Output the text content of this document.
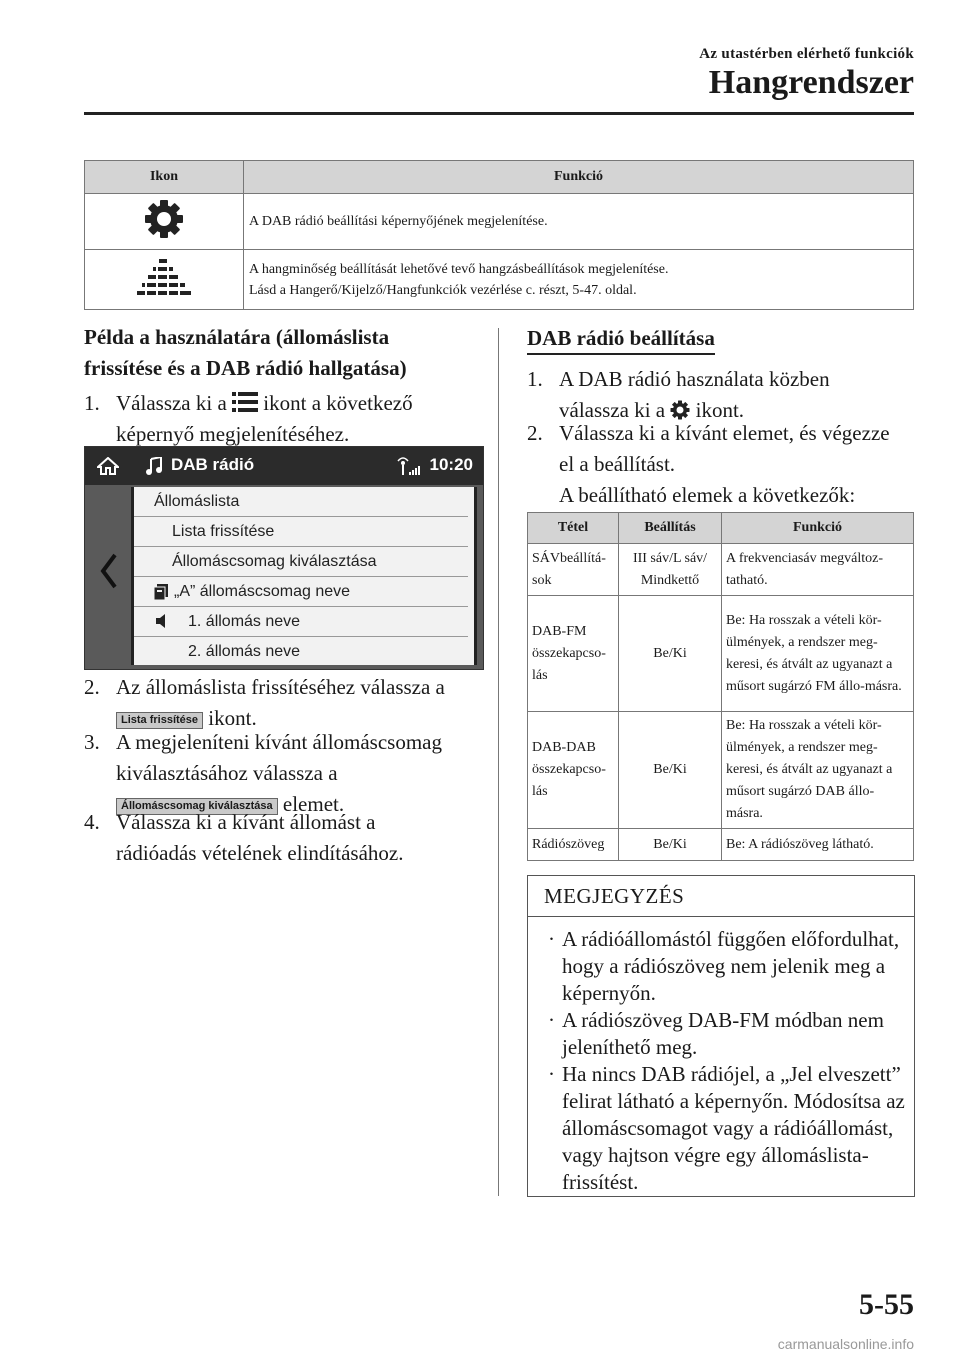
Az utastérben elérhető funkciók
Hangrendszer
Ikon	Funkció
	A DAB rádió beállítási képernyőjének megjelenítése.

A hangminőség beállítását lehetővé tevő hangzásbeállítások megjelenítése.
Lásd a Hangerő/Kijelző/Hangfunkciók vezérlése c. részt, 5-47. oldal.
Példa a használatára (állomáslista
frissítése és a DAB rádió hallgatása)
1. Válassza ki a ikont a következő
képernyő megjelenítéséhez.
DAB rádió	10:20
Állomáslista
Lista frissítése
Állomáscsomag kiválasztása
„A” állomáscsomag neve
1. állomás neve
2. állomás neve
2. Az állomáslista frissítéséhez válassza a
Lista frissítése ikont.
3. A megjeleníteni kívánt állomáscsomag
kiválasztásához válassza a
Állomáscsomag kiválasztása elemet.
4. Válassza ki a kívánt állomást a
rádióadás vételének elindításához.
DAB rádió beállítása
1. A DAB rádió használata közben
válassza ki a ikont.
2. Válassza ki a kívánt elemet, és végezze
el a beállítást.
A beállítható elemek a következők:
Tétel	Beállítás	Funkció
SÁVbeállítá-sok	III sáv/L sáv/ Mindkettő	A frekvenciasáv megváltoz-tatható.
DAB-FM összekapcso-lás	Be/Ki	Be: Ha rosszak a vételi kör-ülmények, a rendszer meg-keresi, és átvált az ugyanazt a műsort sugárzó FM állo-másra.
DAB-DAB összekapcso-lás	Be/Ki	Be: Ha rosszak a vételi kör-ülmények, a rendszer meg-keresi, és átvált az ugyanazt a műsort sugárzó DAB állo-másra.
Rádiószöveg	Be/Ki	Be: A rádiószöveg látható.
MEGJEGYZÉS
· A rádióállomástól függően előfordulhat, hogy a rádiószöveg nem jelenik meg a képernyőn.
· A rádiószöveg DAB-FM módban nem jeleníthető meg.
· Ha nincs DAB rádiójel, a „Jel elveszett” felirat látható a képernyőn. Módosítsa az állomáscsomagot vagy a rádióállomást, vagy hajtson végre egy állomáslista-frissítést.
5-55
carmanualsonline.info
